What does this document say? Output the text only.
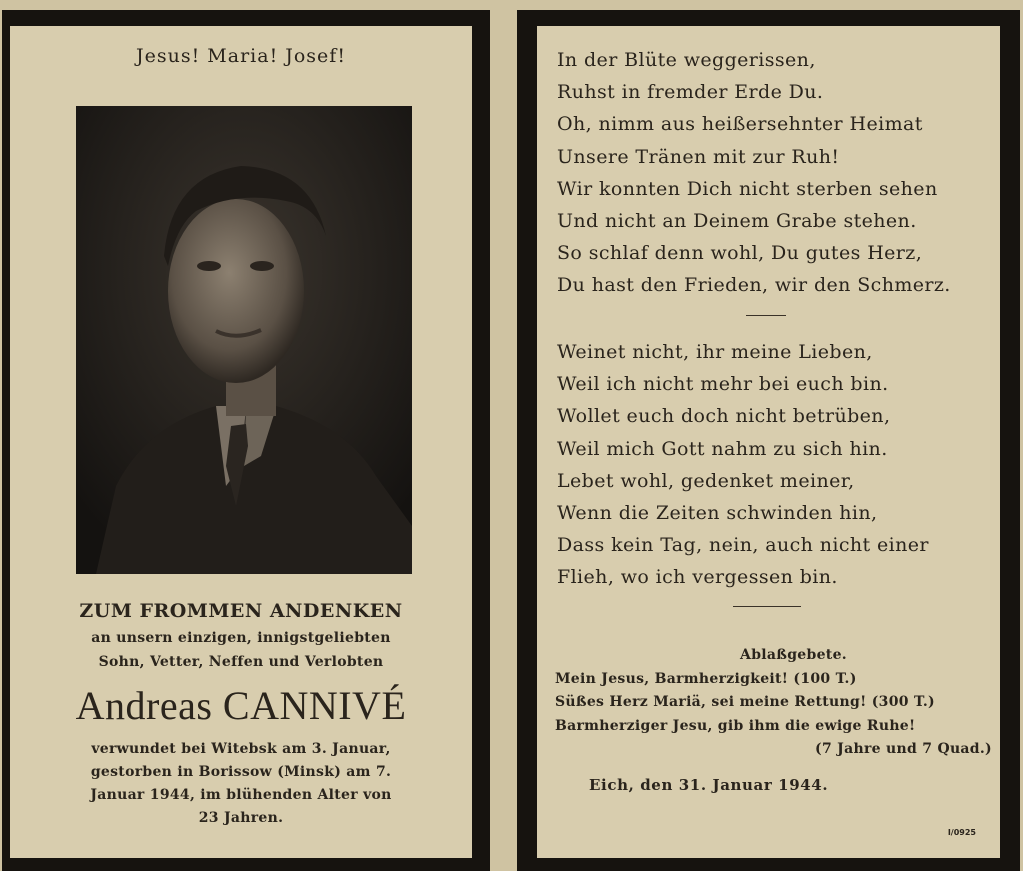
Jesus! Maria! Josef!
ZUM FROMMEN ANDENKEN
an unsern einzigen, innigstgeliebten
Sohn, Vetter, Neffen und Verlobten
Andreas CANNIVÉ
verwundet bei Witebsk am 3. Januar,
gestorben in Borissow (Minsk) am 7.
Januar 1944, im blühenden Alter von
23 Jahren.
In der Blüte weggerissen,
Ruhst in fremder Erde Du.
Oh, nimm aus heißersehnter Heimat
Unsere Tränen mit zur Ruh!
Wir konnten Dich nicht sterben sehen
Und nicht an Deinem Grabe stehen.
So schlaf denn wohl, Du gutes Herz,
Du hast den Frieden, wir den Schmerz.
Weinet nicht, ihr meine Lieben,
Weil ich nicht mehr bei euch bin.
Wollet euch doch nicht betrüben,
Weil mich Gott nahm zu sich hin.
Lebet wohl, gedenket meiner,
Wenn die Zeiten schwinden hin,
Dass kein Tag, nein, auch nicht einer
Flieh, wo ich vergessen bin.
Ablaßgebete.
Mein Jesus, Barmherzigkeit! (100 T.)
Süßes Herz Mariä, sei meine Rettung! (300 T.)
Barmherziger Jesu, gib ihm die ewige Ruhe!
(7 Jahre und 7 Quad.)
Eich, den 31. Januar 1944.
I/0925
